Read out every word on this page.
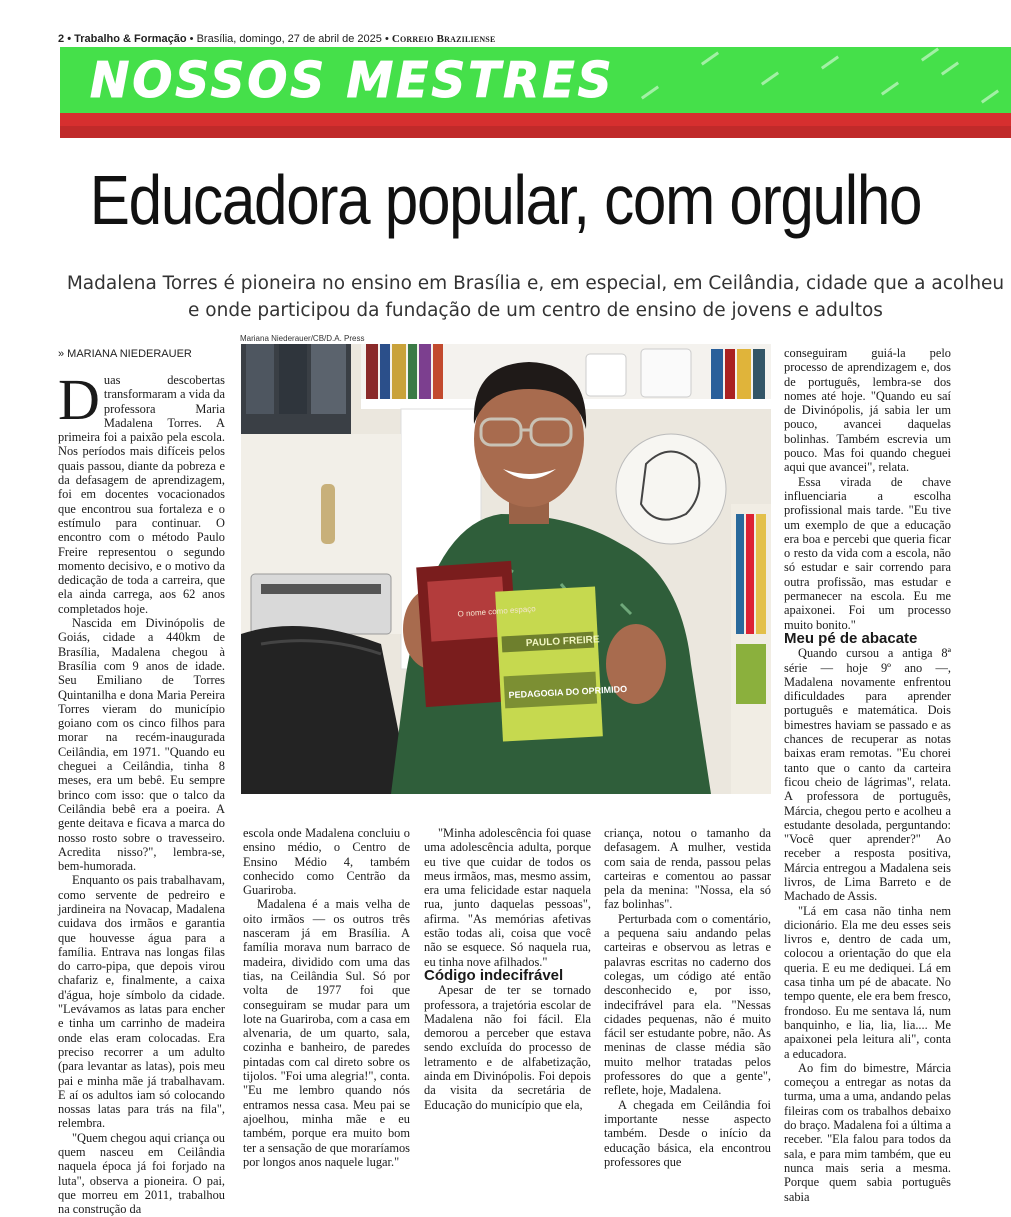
2 • Trabalho & Formação • Brasília, domingo, 27 de abril de 2025 • Correio Braziliense
NOSSOS MESTRES
Educadora popular, com orgulho
Madalena Torres é pioneira no ensino em Brasília e, em especial, em Ceilândia, cidade que a acolheu e onde participou da fundação de um centro de ensino de jovens e adultos
Mariana Niederauer/CB/D.A. Press
» MARIANA NIEDERAUER
O nome como espaço
PAULO FREIRE
PEDAGOGIA DO OPRIMIDO

Duas descobertas transformaram a vida da professora Maria Madalena Torres. A primeira foi a paixão pela escola. Nos períodos mais difíceis pelos quais passou, diante da pobreza e da defasagem de aprendizagem, foi em docentes vocacionados que encontrou sua fortaleza e o estímulo para continuar. O encontro com o método Paulo Freire representou o segundo momento decisivo, e o motivo da dedicação de toda a carreira, que ela ainda carrega, aos 62 anos completados hoje.

Nascida em Divinópolis de Goiás, cidade a 440km de Brasília, Madalena chegou à Brasília com 9 anos de idade. Seu Emiliano de Torres Quintanilha e dona Maria Pereira Torres vieram do município goiano com os cinco filhos para morar na recém-inaugurada Ceilândia, em 1971. "Quando eu cheguei a Ceilândia, tinha 8 meses, era um bebê. Eu sempre brinco com isso: que o talco da Ceilândia bebê era a poeira. A gente deitava e ficava a marca do nosso rosto sobre o travesseiro. Acredita nisso?", lembra-se, bem-humorada.

Enquanto os pais trabalhavam, como servente de pedreiro e jardineira na Novacap, Madalena cuidava dos irmãos e garantia que houvesse água para a família. Entrava nas longas filas do carro-pipa, que depois virou chafariz e, finalmente, a caixa d'água, hoje símbolo da cidade. "Levávamos as latas para encher e tinha um carrinho de madeira onde elas eram colocadas. Era preciso recorrer a um adulto (para levantar as latas), pois meu pai e minha mãe já trabalhavam. E aí os adultos iam só colocando nossas latas para trás na fila", relembra.

"Quem chegou aqui criança ou quem nasceu em Ceilândia naquela época já foi forjado na luta", observa a pioneira. O pai, que morreu em 2011, trabalhou na construção da

escola onde Madalena concluiu o ensino médio, o Centro de Ensino Médio 4, também conhecido como Centrão da Guariroba.

Madalena é a mais velha de oito irmãos — os outros três nasceram já em Brasília. A família morava num barraco de madeira, dividido com uma das tias, na Ceilândia Sul. Só por volta de 1977 foi que conseguiram se mudar para um lote na Guariroba, com a casa em alvenaria, de um quarto, sala, cozinha e banheiro, de paredes pintadas com cal direto sobre os tijolos. "Foi uma alegria!", conta. "Eu me lembro quando nós entramos nessa casa. Meu pai se ajoelhou, minha mãe e eu também, porque era muito bom ter a sensação de que moraríamos por longos anos naquele lugar."

"Minha adolescência foi quase uma adolescência adulta, porque eu tive que cuidar de todos os meus irmãos, mas, mesmo assim, era uma felicidade estar naquela rua, junto daquelas pessoas", afirma. "As memórias afetivas estão todas ali, coisa que você não se esquece. Só naquela rua, eu tinha nove afilhados."

Código indecifrável

Apesar de ter se tornado professora, a trajetória escolar de Madalena não foi fácil. Ela demorou a perceber que estava sendo excluída do processo de letramento e de alfabetização, ainda em Divinópolis. Foi depois da visita da secretária de Educação do município que ela,

criança, notou o tamanho da defasagem. A mulher, vestida com saia de renda, passou pelas carteiras e comentou ao passar pela da menina: "Nossa, ela só faz bolinhas".

Perturbada com o comentário, a pequena saiu andando pelas carteiras e observou as letras e palavras escritas no caderno dos colegas, um código até então desconhecido e, por isso, indecifrável para ela. "Nessas cidades pequenas, não é muito fácil ser estudante pobre, não. As meninas de classe média são muito melhor tratadas pelos professores do que a gente", reflete, hoje, Madalena.

A chegada em Ceilândia foi importante nesse aspecto também. Desde o início da educação básica, ela encontrou professores que

conseguiram guiá-la pelo processo de aprendizagem e, dos de português, lembra-se dos nomes até hoje. "Quando eu saí de Divinópolis, já sabia ler um pouco, avancei daquelas bolinhas. Também escrevia um pouco. Mas foi quando cheguei aqui que avancei", relata.

Essa virada de chave influenciaria a escolha profissional mais tarde. "Eu tive um exemplo de que a educação era boa e percebi que queria ficar o resto da vida com a escola, não só estudar e sair correndo para outra profissão, mas estudar e permanecer na escola. Eu me apaixonei. Foi um processo muito bonito."

Meu pé de abacate

Quando cursou a antiga 8ª série — hoje 9º ano —, Madalena novamente enfrentou dificuldades para aprender português e matemática. Dois bimestres haviam se passado e as chances de recuperar as notas baixas eram remotas. "Eu chorei tanto que o canto da carteira ficou cheio de lágrimas", relata. A professora de português, Márcia, chegou perto e acolheu a estudante desolada, perguntando: "Você quer aprender?" Ao receber a resposta positiva, Márcia entregou a Madalena seis livros, de Lima Barreto e de Machado de Assis.

"Lá em casa não tinha nem dicionário. Ela me deu esses seis livros e, dentro de cada um, colocou a orientação do que ela queria. E eu me dediquei. Lá em casa tinha um pé de abacate. No tempo quente, ele era bem fresco, frondoso. Eu me sentava lá, num banquinho, e lia, lia, lia.... Me apaixonei pela leitura ali", conta a educadora.

Ao fim do bimestre, Márcia começou a entregar as notas da turma, uma a uma, andando pelas fileiras com os trabalhos debaixo do braço. Madalena foi a última a receber. "Ela falou para todos da sala, e para mim também, que eu nunca mais seria a mesma. Porque quem sabia português sabia
